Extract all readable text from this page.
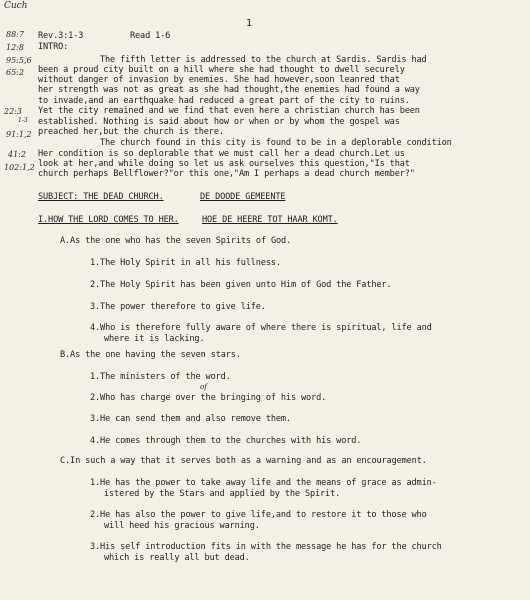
1
Cuch
88:7
12:8
95:5,6
65:2
22:3
1-3
91:1,2
41:2
102:1,2
Rev.3:1-3	Read 1-6
INTRO:
The fifth letter is addressed to the church at Sardis. Sardis had
been a proud city built on a hill where she had thought to dwell securely
without danger of invasion by enemies. She had however,soon leanred that
her strength was not as great as she had thought,the enemies had found a way
to invade,and an earthquake had reduced a great part of the city to ruins.
Yet the city remained and we find that even here a christian church has been
established. Nothing is said about how or when or by whom the gospel was
preached her,but the church is there.
The church found in this city is found to be in a deplorable condition
Her condition is so deplorable that we must call her a dead church.Let us
look at her,and while doing so let us ask ourselves this question,"Is that
church perhaps Bellflower?"or this one,"Am I perhaps a dead church member?"
SUBJECT: THE DEAD CHURCH.	DE DOODE GEMEENTE
I.HOW THE LORD COMES TO HER.	HOE DE HEERE TOT HAAR KOMT.
A.As the one who has the seven Spirits of God.
1.The Holy Spirit in all his fullness.
2.The Holy Spirit has been given unto Him of God the Father.
3.The power therefore to give life.
4.Who is therefore fully aware of where there is spiritual, life and
where it is lacking.
B.As the one having the seven stars.
1.The ministers of the word.
of
2.Who has charge over the bringing of his word.
3.He can send them and also remove them.
4.He comes through them to the churches with his word.
C.In such a way that it serves both as a warning and as an encouragement.
1.He has the power to take away life and the means of grace as admin-
istered by the Stars and applied by the Spirit.
2.He has also the power to give life,and to restore it to those who
will heed his gracious warning.
3.His self introduction fits in with the message he has for the church
which is really all but dead.
